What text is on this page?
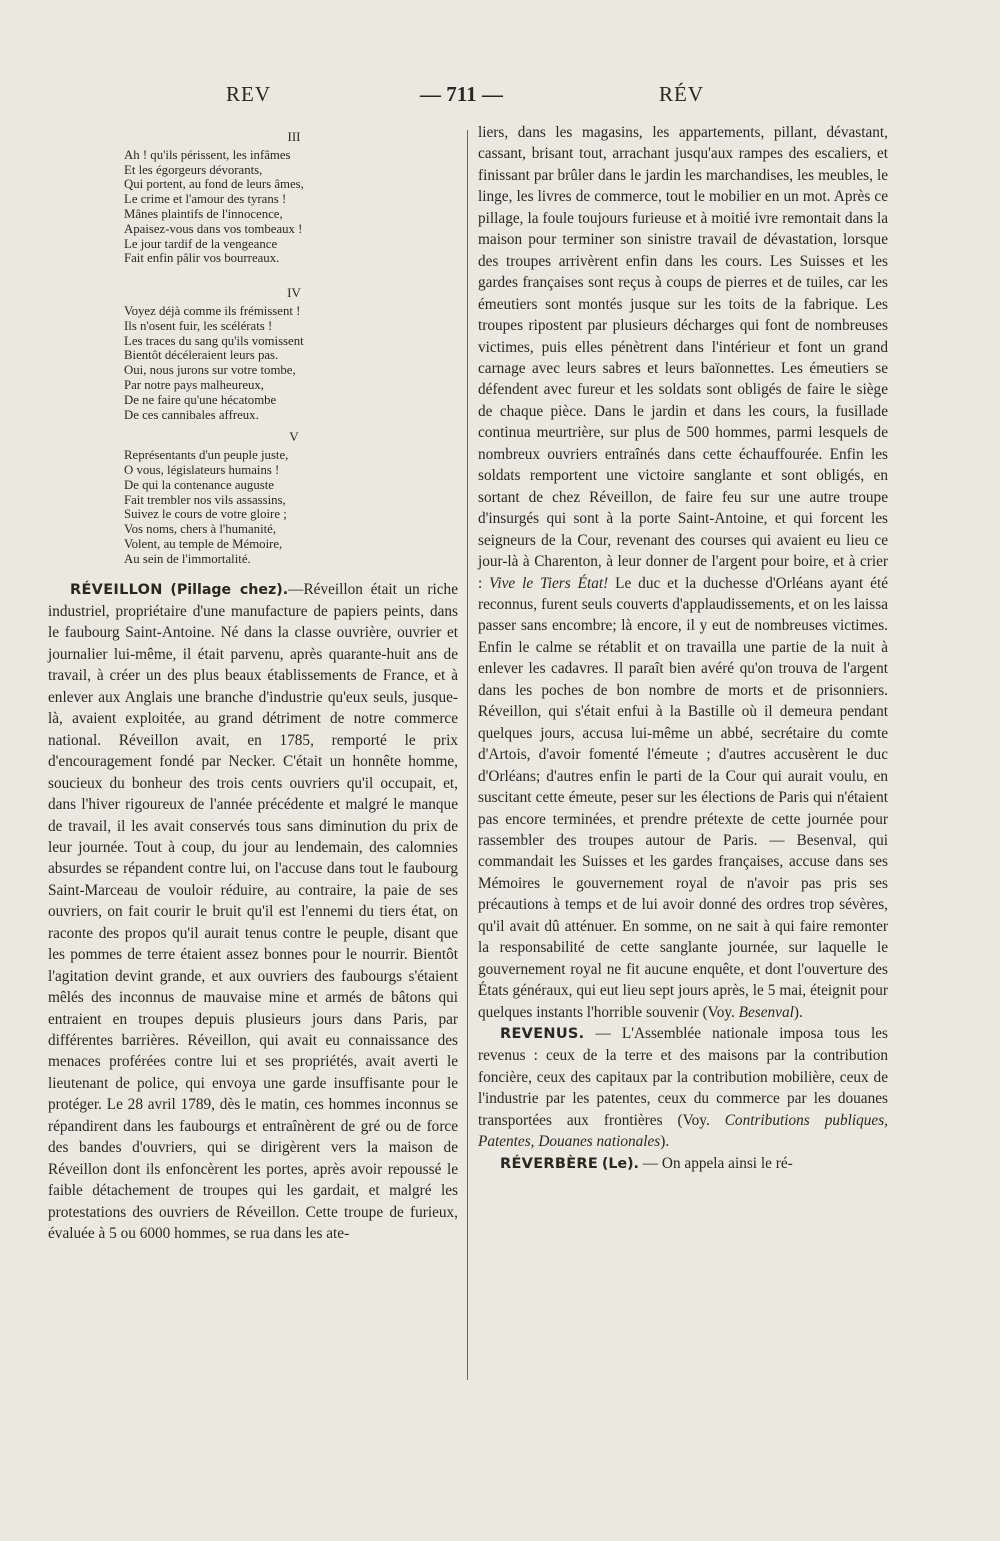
REV	— 711 —	RÉV
III
Ah ! qu'ils périssent, les infâmes
Et les égorgeurs dévorants,
Qui portent, au fond de leurs âmes,
Le crime et l'amour des tyrans !
Mânes plaintifs de l'innocence,
Apaisez-vous dans vos tombeaux !
Le jour tardif de la vengeance
Fait enfin pâlir vos bourreaux.
IV
Voyez déjà comme ils frémissent !
Ils n'osent fuir, les scélérats !
Les traces du sang qu'ils vomissent
Bientôt décéleraient leurs pas.
Oui, nous jurons sur votre tombe,
Par notre pays malheureux,
De ne faire qu'une hécatombe
De ces cannibales affreux.
V
Représentants d'un peuple juste,
O vous, législateurs humains !
De qui la contenance auguste
Fait trembler nos vils assassins,
Suivez le cours de votre gloire ;
Vos noms, chers à l'humanité,
Volent, au temple de Mémoire,
Au sein de l'immortalité.

RÉVEILLON (Pillage chez).—Réveillon était un riche industriel, propriétaire d'une manufacture de papiers peints, dans le faubourg Saint-Antoine. Né dans la classe ouvrière, ouvrier et journalier lui-même, il était parvenu, après quarante-huit ans de travail, à créer un des plus beaux établissements de France, et à enlever aux Anglais une branche d'industrie qu'eux seuls, jusque-là, avaient exploitée, au grand détriment de notre commerce national. Réveillon avait, en 1785, remporté le prix d'encouragement fondé par Necker. C'était un honnête homme, soucieux du bonheur des trois cents ouvriers qu'il occupait, et, dans l'hiver rigoureux de l'année précédente et malgré le manque de travail, il les avait conservés tous sans diminution du prix de leur journée. Tout à coup, du jour au lendemain, des calomnies absurdes se répandent contre lui, on l'accuse dans tout le faubourg Saint-Marceau de vouloir réduire, au contraire, la paie de ses ouvriers, on fait courir le bruit qu'il est l'ennemi du tiers état, on raconte des propos qu'il aurait tenus contre le peuple, disant que les pommes de terre étaient assez bonnes pour le nourrir. Bientôt l'agitation devint grande, et aux ouvriers des faubourgs s'étaient mêlés des inconnus de mauvaise mine et armés de bâtons qui entraient en troupes depuis plusieurs jours dans Paris, par différentes barrières. Réveillon, qui avait eu connaissance des menaces proférées contre lui et ses propriétés, avait averti le lieutenant de police, qui envoya une garde insuffisante pour le protéger. Le 28 avril 1789, dès le matin, ces hommes inconnus se répandirent dans les faubourgs et entraînèrent de gré ou de force des bandes d'ouvriers, qui se dirigèrent vers la maison de Réveillon dont ils enfoncèrent les portes, après avoir repoussé le faible détachement de troupes qui les gardait, et malgré les protestations des ouvriers de Réveillon. Cette troupe de furieux, évaluée à 5 ou 6000 hommes, se rua dans les ate-

liers, dans les magasins, les appartements, pillant, dévastant, cassant, brisant tout, arrachant jusqu'aux rampes des escaliers, et finissant par brûler dans le jardin les marchandises, les meubles, le linge, les livres de commerce, tout le mobilier en un mot. Après ce pillage, la foule toujours furieuse et à moitié ivre remontait dans la maison pour terminer son sinistre travail de dévastation, lorsque des troupes arrivèrent enfin dans les cours. Les Suisses et les gardes françaises sont reçus à coups de pierres et de tuiles, car les émeutiers sont montés jusque sur les toits de la fabrique. Les troupes ripostent par plusieurs décharges qui font de nombreuses victimes, puis elles pénètrent dans l'intérieur et font un grand carnage avec leurs sabres et leurs baïonnettes. Les émeutiers se défendent avec fureur et les soldats sont obligés de faire le siège de chaque pièce. Dans le jardin et dans les cours, la fusillade continua meurtrière, sur plus de 500 hommes, parmi lesquels de nombreux ouvriers entraînés dans cette échauffourée. Enfin les soldats remportent une victoire sanglante et sont obligés, en sortant de chez Réveillon, de faire feu sur une autre troupe d'insurgés qui sont à la porte Saint-Antoine, et qui forcent les seigneurs de la Cour, revenant des courses qui avaient eu lieu ce jour-là à Charenton, à leur donner de l'argent pour boire, et à crier : Vive le Tiers État! Le duc et la duchesse d'Orléans ayant été reconnus, furent seuls couverts d'applaudissements, et on les laissa passer sans encombre; là encore, il y eut de nombreuses victimes. Enfin le calme se rétablit et on travailla une partie de la nuit à enlever les cadavres. Il paraît bien avéré qu'on trouva de l'argent dans les poches de bon nombre de morts et de prisonniers. Réveillon, qui s'était enfui à la Bastille où il demeura pendant quelques jours, accusa lui-même un abbé, secrétaire du comte d'Artois, d'avoir fomenté l'émeute ; d'autres accusèrent le duc d'Orléans; d'autres enfin le parti de la Cour qui aurait voulu, en suscitant cette émeute, peser sur les élections de Paris qui n'étaient pas encore terminées, et prendre prétexte de cette journée pour rassembler des troupes autour de Paris. — Besenval, qui commandait les Suisses et les gardes françaises, accuse dans ses Mémoires le gouvernement royal de n'avoir pas pris ses précautions à temps et de lui avoir donné des ordres trop sévères, qu'il avait dû atténuer. En somme, on ne sait à qui faire remonter la responsabilité de cette sanglante journée, sur laquelle le gouvernement royal ne fit aucune enquête, et dont l'ouverture des États généraux, qui eut lieu sept jours après, le 5 mai, éteignit pour quelques instants l'horrible souvenir (Voy. Besenval).

REVENUS. — L'Assemblée nationale imposa tous les revenus : ceux de la terre et des maisons par la contribution foncière, ceux des capitaux par la contribution mobilière, ceux de l'industrie par les patentes, ceux du commerce par les douanes transportées aux frontières (Voy. Contributions publiques, Patentes, Douanes nationales).

RÉVERBÈRE (Le). — On appela ainsi le ré-
